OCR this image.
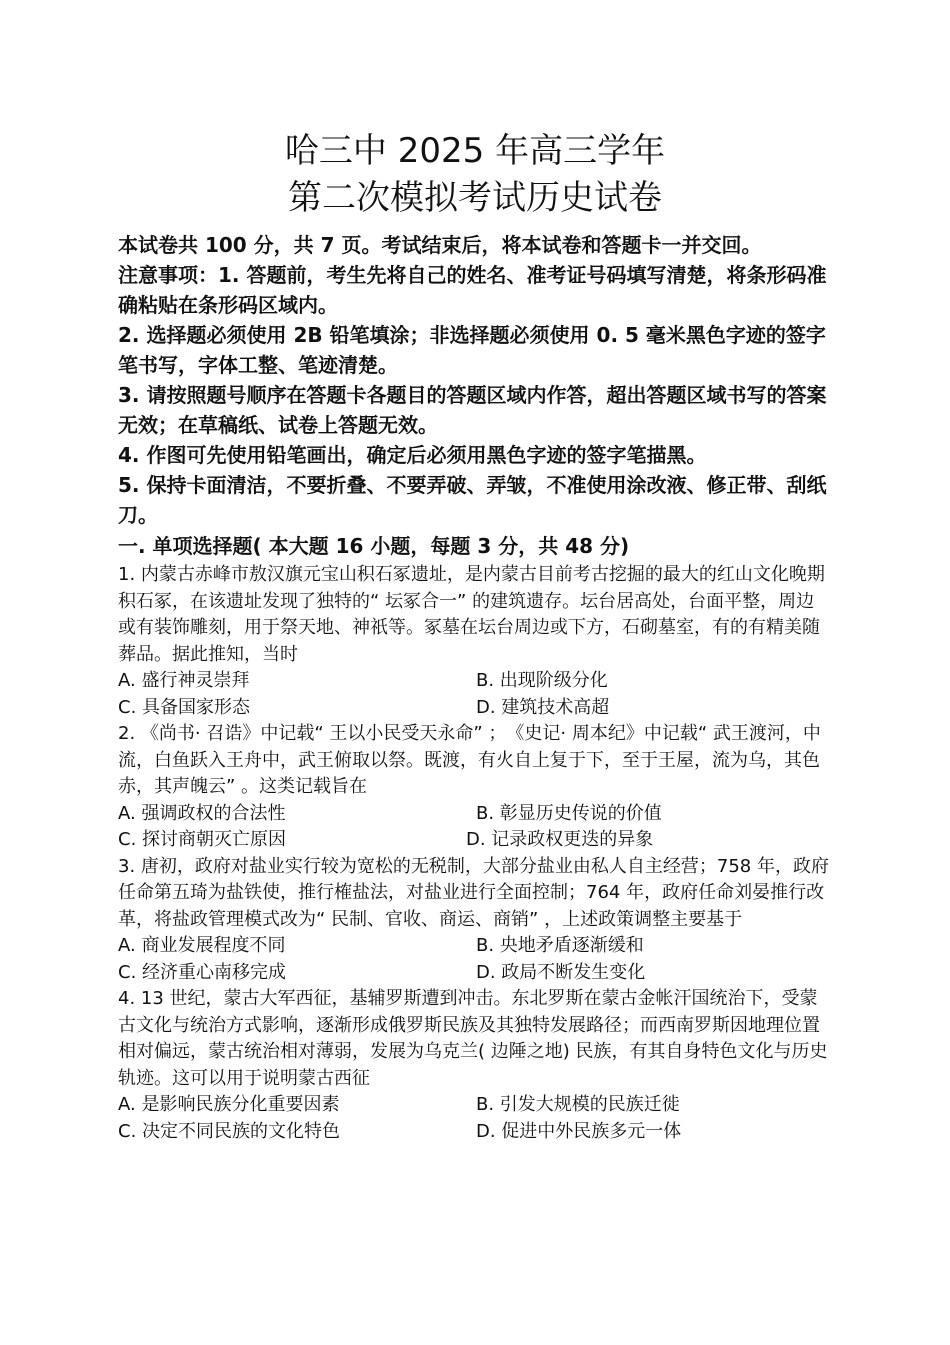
哈三中 2025 年高三学年
第二次模拟考试历史试卷

本试卷共 100 分，共 7 页。考试结束后，将本试卷和答题卡一并交回。

注意事项：1. 答题前，考生先将自己的姓名、准考证号码填写清楚，将条形码准确粘贴在条形码区域内。

2. 选择题必须使用 2B 铅笔填涂；非选择题必须使用 0. 5 毫米黑色字迹的签字笔书写，字体工整、笔迹清楚。

3. 请按照题号顺序在答题卡各题目的答题区域内作答，超出答题区域书写的答案无效；在草稿纸、试卷上答题无效。

4. 作图可先使用铅笔画出，确定后必须用黑色字迹的签字笔描黑。

5. 保持卡面清洁，不要折叠、不要弄破、弄皱，不准使用涂改液、修正带、刮纸刀。

一. 单项选择题( 本大题 16 小题，每题 3 分，共 48 分)

1. 内蒙古赤峰市敖汉旗元宝山积石冢遗址，是内蒙古目前考古挖掘的最大的红山文化晚期积石冢，在该遗址发现了独特的“ 坛冢合一” 的建筑遗存。坛台居高处，台面平整，周边或有装饰雕刻，用于祭天地、神祇等。冢墓在坛台周边或下方，石砌墓室，有的有精美随葬品。据此推知，当时

A. 盛行神灵崇拜	B. 出现阶级分化
C. 具备国家形态	D. 建筑技术高超

2. 《尚书· 召诰》中记载“ 王以小民受天永命” ；　《史记· 周本纪》中记载“ 武王渡河，中流，白鱼跃入王舟中，武王俯取以祭。既渡，有火自上复于下，至于王屋，流为乌，其色赤，其声魄云” 。这类记载旨在

A. 强调政权的合法性	B. 彰显历史传说的价值
C. 探讨商朝灭亡原因	D. 记录政权更迭的异象

3. 唐初，政府对盐业实行较为宽松的无税制，大部分盐业由私人自主经营；758 年，政府任命第五琦为盐铁使，推行榷盐法，对盐业进行全面控制；764 年，政府任命刘晏推行改革，将盐政管理模式改为“ 民制、官收、商运、商销” ，上述政策调整主要基于

A. 商业发展程度不同	B. 央地矛盾逐渐缓和
C. 经济重心南移完成	D. 政局不断发生变化

4. 13 世纪，蒙古大军西征，基辅罗斯遭到冲击。东北罗斯在蒙古金帐汗国统治下，受蒙古文化与统治方式影响，逐渐形成俄罗斯民族及其独特发展路径；而西南罗斯因地理位置相对偏远，蒙古统治相对薄弱，发展为乌克兰( 边陲之地) 民族，有其自身特色文化与历史轨迹。这可以用于说明蒙古西征

A. 是影响民族分化重要因素	B. 引发大规模的民族迁徙
C. 决定不同民族的文化特色	D. 促进中外民族多元一体
